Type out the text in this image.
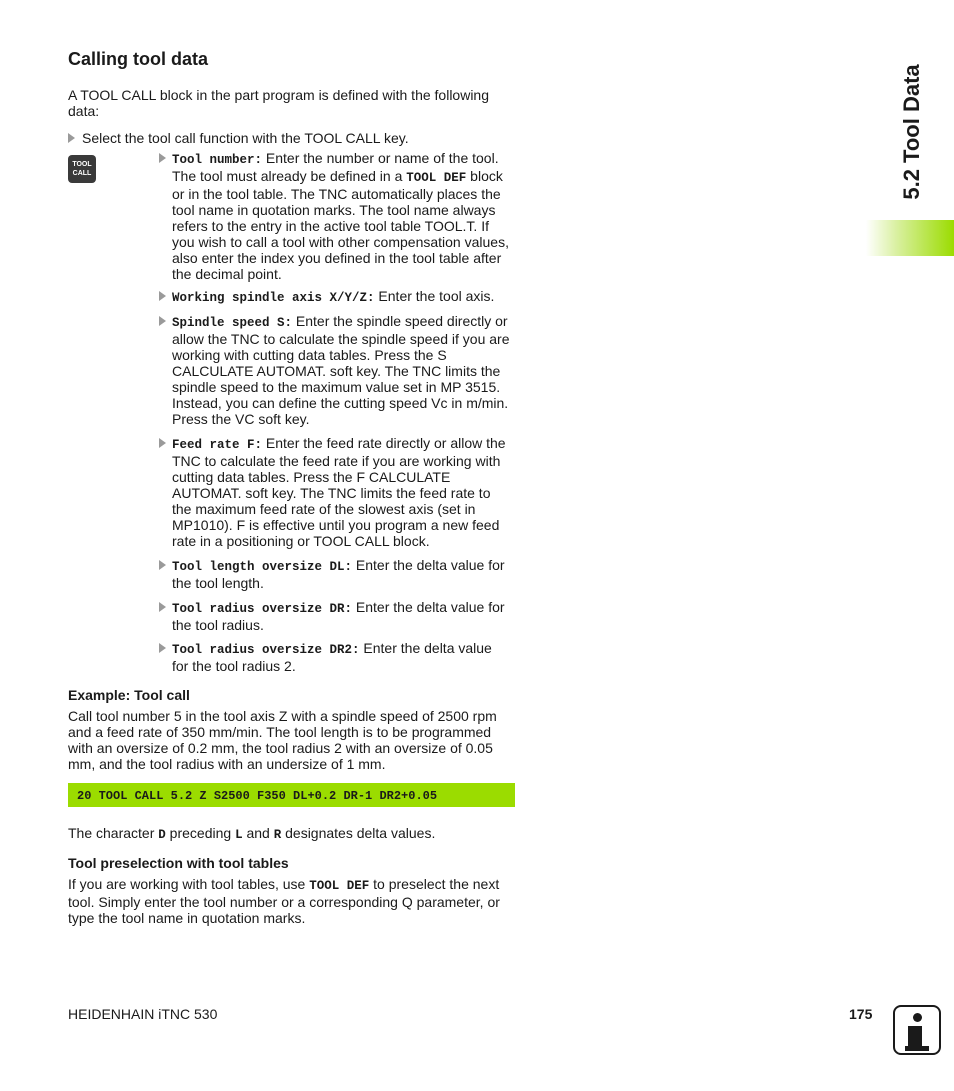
Calling tool data

A TOOL CALL block in the part program is defined with the following data:

Select the tool call function with the TOOL CALL key.
TOOL
CALL
Tool number: Enter the number or name of the tool. The tool must already be defined in a TOOL DEF block or in the tool table. The TNC automatically places the tool name in quotation marks. The tool name always refers to the entry in the active tool table TOOL.T. If you wish to call a tool with other compensation values, also enter the index you defined in the tool table after the decimal point.
Working spindle axis X/Y/Z: Enter the tool axis.
Spindle speed S: Enter the spindle speed directly or allow the TNC to calculate the spindle speed if you are working with cutting data tables. Press the S CALCULATE AUTOMAT. soft key. The TNC limits the spindle speed to the maximum value set in MP 3515. Instead, you can define the cutting speed Vc in m/min. Press the VC soft key.
Feed rate F: Enter the feed rate directly or allow the TNC to calculate the feed rate if you are working with cutting data tables. Press the F CALCULATE AUTOMAT. soft key. The TNC limits the feed rate to the maximum feed rate of the slowest axis (set in MP1010). F is effective until you program a new feed rate in a positioning or TOOL CALL block.
Tool length oversize DL: Enter the delta value for the tool length.
Tool radius oversize DR: Enter the delta value for the tool radius.
Tool radius oversize DR2: Enter the delta value for the tool radius 2.
Example: Tool call

Call tool number 5 in the tool axis Z with a spindle speed of 2500 rpm and a feed rate of 350 mm/min. The tool length is to be programmed with an oversize of 0.2 mm, the tool radius 2 with an oversize of 0.05 mm, and the tool radius with an undersize of 1 mm.

20 TOOL CALL 5.2 Z S2500 F350 DL+0.2 DR-1 DR2+0.05

The character D preceding L and R designates delta values.

Tool preselection with tool tables

If you are working with tool tables, use TOOL DEF to preselect the next tool. Simply enter the tool number or a corresponding Q parameter, or type the tool name in quotation marks.

5.2 Tool Data
HEIDENHAIN iTNC 530	175
